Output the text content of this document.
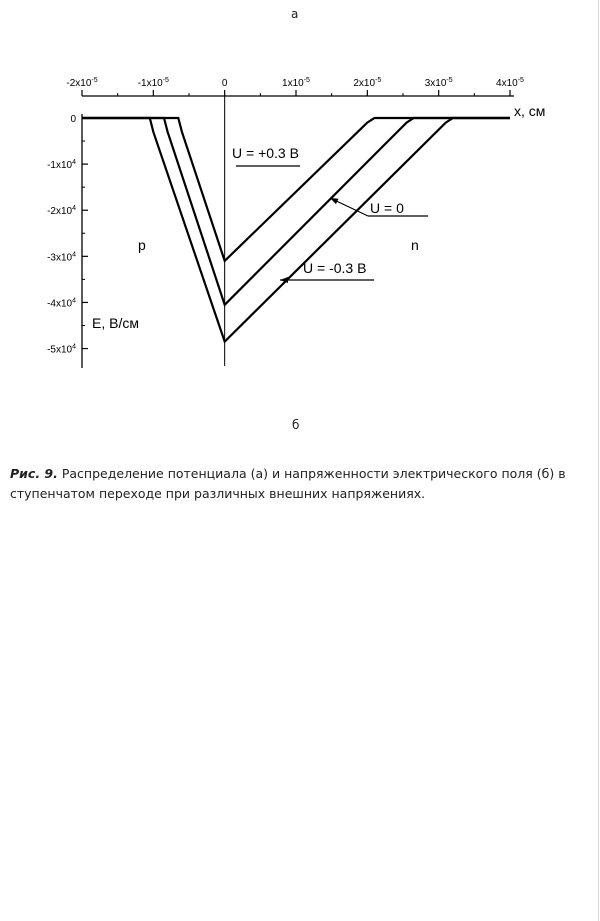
а
$-2x10^{-5}$	$-1x10^{-5}$	0	$1x10^{-5}$	$2x10^{-5}$	$3x10^{-5}$	$4x10^{-5}$
0
$-1x10^4$
$-2x10^4$
$-3x10^4$
$-4x10^4$
$-5x10^4$
U = +0.3 В
U = 0
U = -0.3 В
x, см
E, В/см
p	n
б

Рис. 9. Распределение потенциала (а) и напряженности электрического поля (б) в ступенчатом переходе при различных внешних напряжениях.
